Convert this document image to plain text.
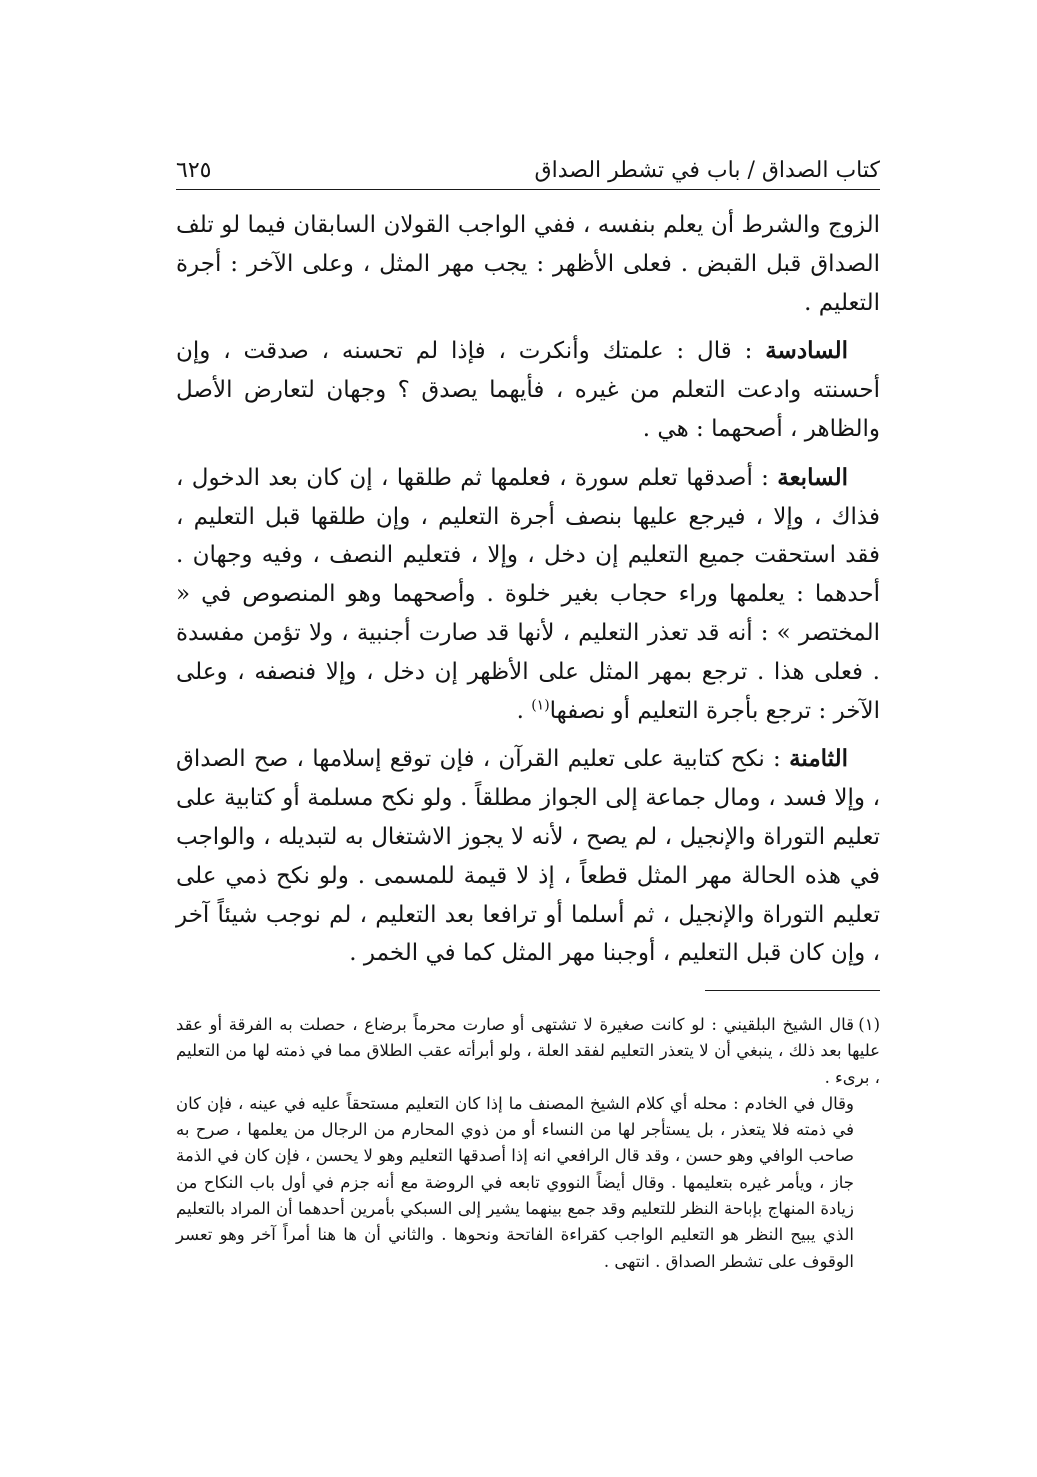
كتاب الصداق / باب في تشطر الصداق
٦٢٥

الزوج والشرط أن يعلم بنفسه ، ففي الواجب القولان السابقان فيما لو تلف الصداق قبل القبض . فعلى الأظهر : يجب مهر المثل ، وعلى الآخر : أجرة التعليم .

السادسة : قال : علمتك وأنكرت ، فإذا لم تحسنه ، صدقت ، وإن أحسنته وادعت التعلم من غيره ، فأيهما يصدق ؟ وجهان لتعارض الأصل والظاهر ، أصحهما : هي .

السابعة : أصدقها تعلم سورة ، فعلمها ثم طلقها ، إن كان بعد الدخول ، فذاك ، وإلا ، فيرجع عليها بنصف أجرة التعليم ، وإن طلقها قبل التعليم ، فقد استحقت جميع التعليم إن دخل ، وإلا ، فتعليم النصف ، وفيه وجهان . أحدهما : يعلمها وراء حجاب بغير خلوة . وأصحهما وهو المنصوص في « المختصر » : أنه قد تعذر التعليم ، لأنها قد صارت أجنبية ، ولا تؤمن مفسدة . فعلى هذا . ترجع بمهر المثل على الأظهر إن دخل ، وإلا فنصفه ، وعلى الآخر : ترجع بأجرة التعليم أو نصفها$^{(١)}$ .

الثامنة : نكح كتابية على تعليم القرآن ، فإن توقع إسلامها ، صح الصداق ، وإلا فسد ، ومال جماعة إلى الجواز مطلقاً . ولو نكح مسلمة أو كتابية على تعليم التوراة والإنجيل ، لم يصح ، لأنه لا يجوز الاشتغال به لتبديله ، والواجب في هذه الحالة مهر المثل قطعاً ، إذ لا قيمة للمسمى . ولو نكح ذمي على تعليم التوراة والإنجيل ، ثم أسلما أو ترافعا بعد التعليم ، لم نوجب شيئاً آخر ، وإن كان قبل التعليم ، أوجبنا مهر المثل كما في الخمر .

(١)قال الشيخ البلقيني : لو كانت صغيرة لا تشتهى أو صارت محرماً برضاع ، حصلت به الفرقة أو عقد عليها بعد ذلك ، ينبغي أن لا يتعذر التعليم لفقد العلة ، ولو أبرأته عقب الطلاق مما في ذمته لها من التعليم ، برىء .

وقال في الخادم : محله أي كلام الشيخ المصنف ما إذا كان التعليم مستحقاً عليه في عينه ، فإن كان في ذمته فلا يتعذر ، بل يستأجر لها من النساء أو من ذوي المحارم من الرجال من يعلمها ، صرح به صاحب الوافي وهو حسن ، وقد قال الرافعي انه إذا أصدقها التعليم وهو لا يحسن ، فإن كان في الذمة جاز ، ويأمر غيره بتعليمها . وقال أيضاً النووي تابعه في الروضة مع أنه جزم في أول باب النكاح من زيادة المنهاج بإباحة النظر للتعليم وقد جمع بينهما يشير إلى السبكي بأمرين أحدهما أن المراد بالتعليم الذي يبيح النظر هو التعليم الواجب كقراءة الفاتحة ونحوها . والثاني أن ها هنا أمراً آخر وهو تعسر الوقوف على تشطر الصداق . انتهى .
